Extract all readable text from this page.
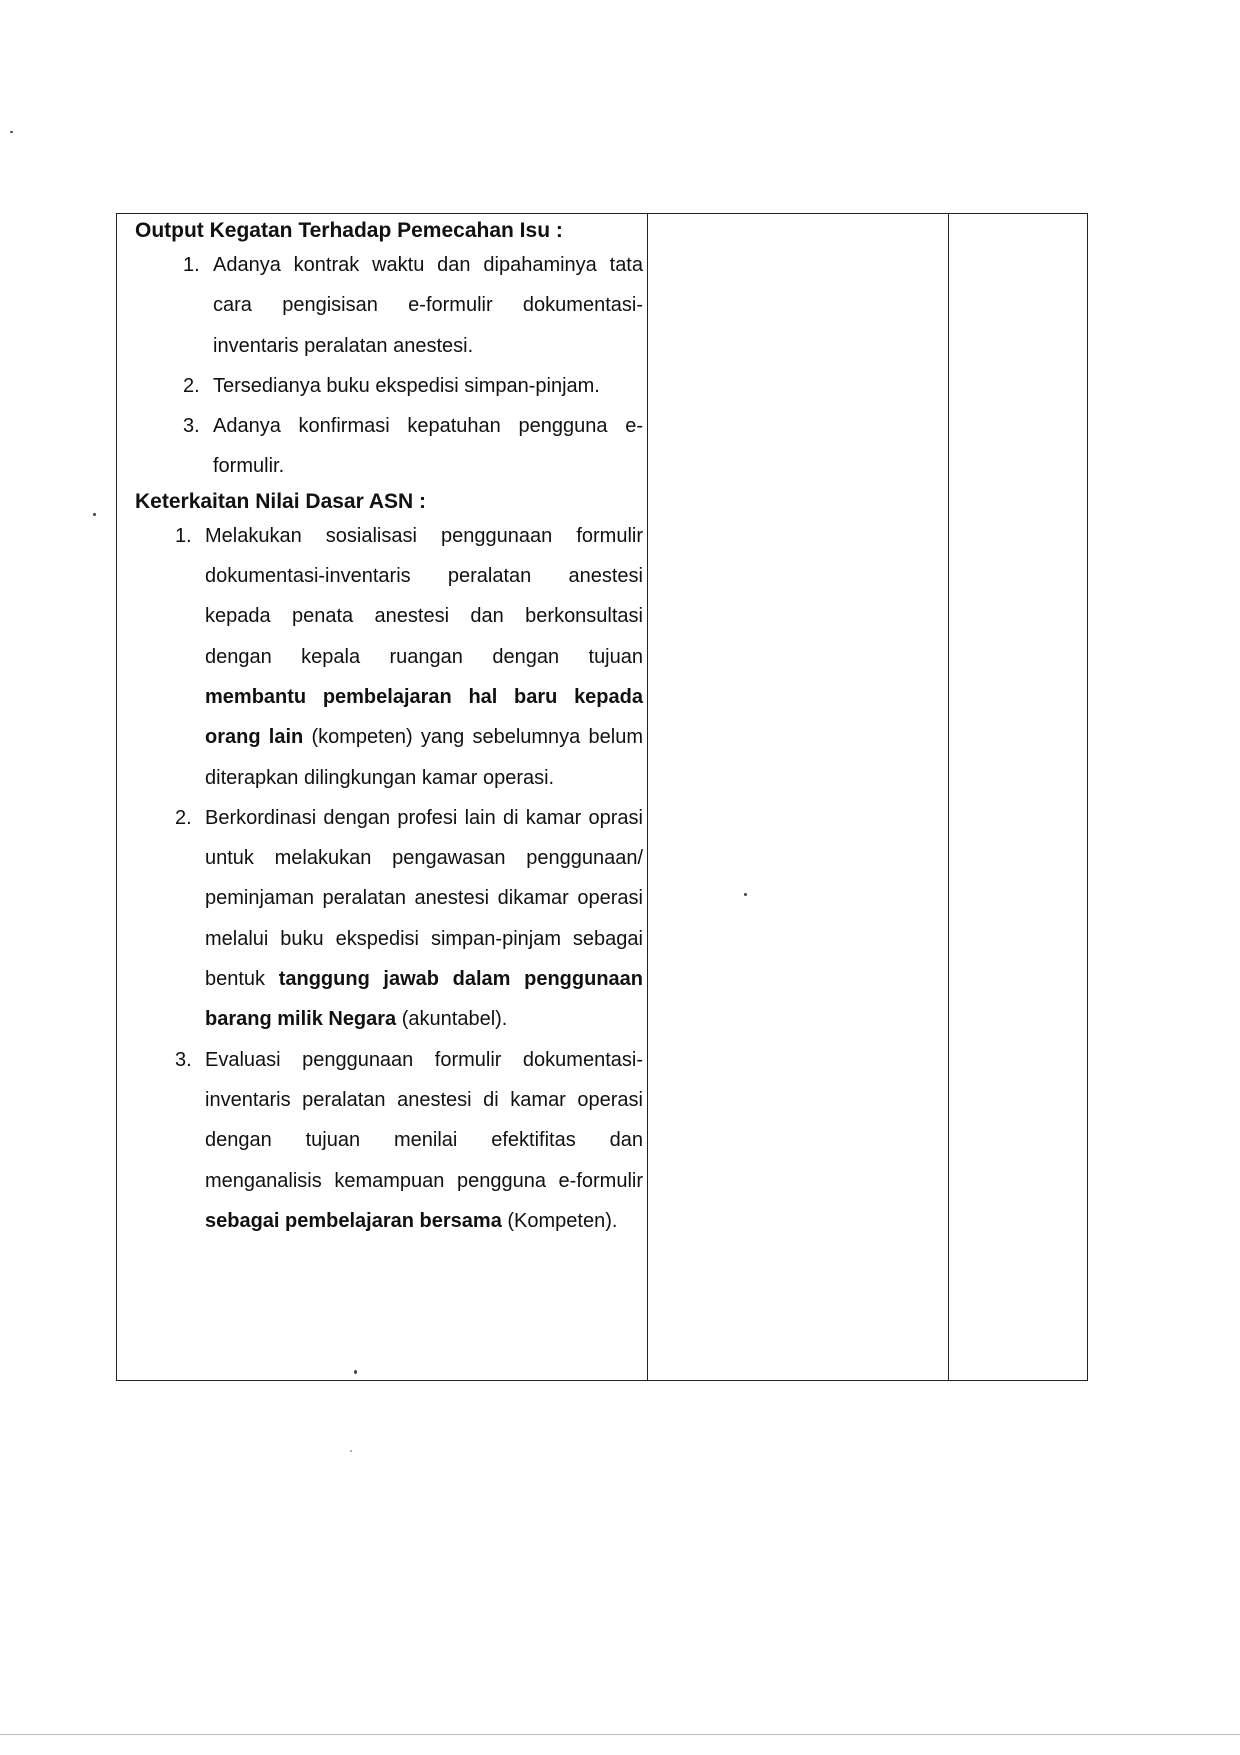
Output Kegatan Terhadap Pemecahan Isu :

1. Adanya kontrak waktu dan dipahaminya tata cara pengisisan e-formulir dokumentasi-inventaris peralatan anestesi.
2. Tersedianya buku ekspedisi simpan-pinjam.
3. Adanya konfirmasi kepatuhan pengguna e-formulir.

Keterkaitan Nilai Dasar ASN :

1. Melakukan sosialisasi penggunaan formulir dokumentasi-inventaris peralatan anestesi kepada penata anestesi dan berkonsultasi dengan kepala ruangan dengan tujuan membantu pembelajaran hal baru kepada orang lain (kompeten) yang sebelumnya belum diterapkan dilingkungan kamar operasi.
2. Berkordinasi dengan profesi lain di kamar oprasi untuk melakukan pengawasan penggunaan/ peminjaman peralatan anestesi dikamar operasi melalui buku ekspedisi simpan-pinjam sebagai bentuk tanggung jawab dalam penggunaan barang milik Negara (akuntabel).
3. Evaluasi penggunaan formulir dokumentasi-inventaris peralatan anestesi di kamar operasi dengan tujuan menilai efektifitas dan menganalisis kemampuan pengguna e-formulir sebagai pembelajaran bersama (Kompeten).
